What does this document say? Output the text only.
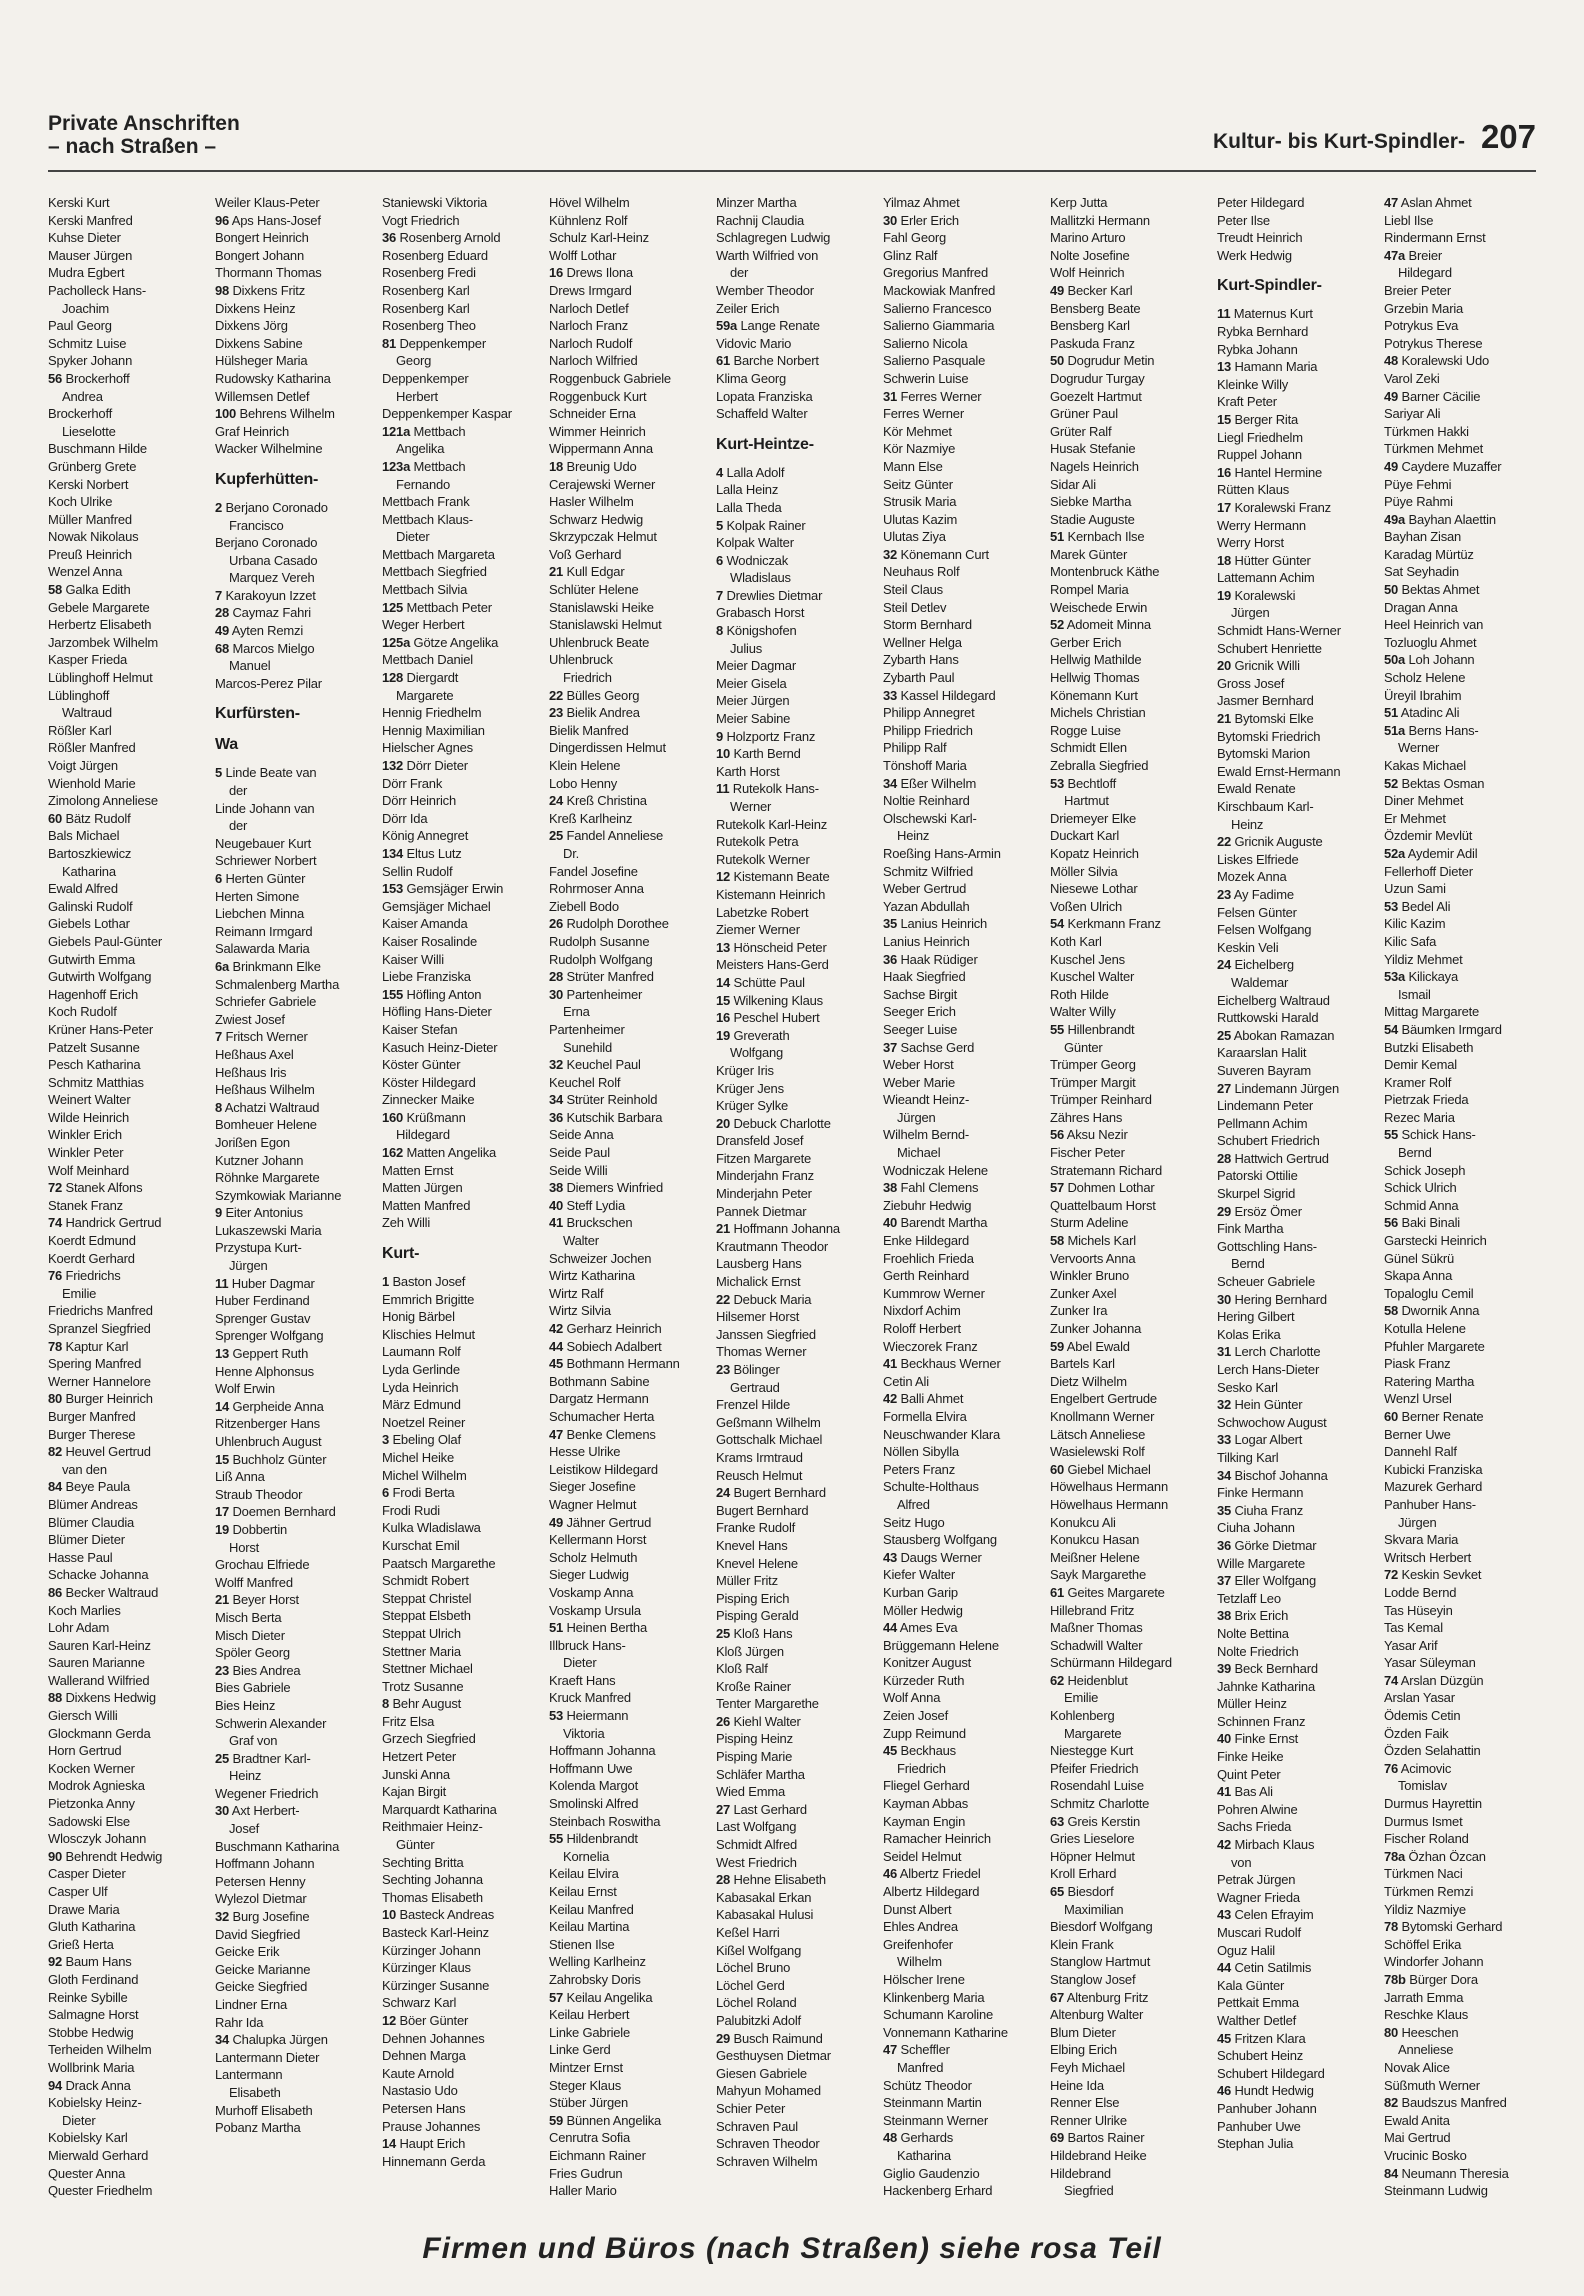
Private Anschriften
– nach Straßen –	Kultur- bis Kurt-Spindler- 207
Kerski Kurt
Kerski Manfred
Kuhse Dieter
Mauser Jürgen
Mudra Egbert
Pacholleck Hans-
Joachim
Paul Georg
Schmitz Luise
Spyker Johann
56 Brockerhoff
Andrea
Brockerhoff
Lieselotte
Buschmann Hilde
Grünberg Grete
Kerski Norbert
Koch Ulrike
Müller Manfred
Nowak Nikolaus
Preuß Heinrich
Wenzel Anna
58 Galka Edith
Gebele Margarete
Herbertz Elisabeth
Jarzombek Wilhelm
Kasper Frieda
Lüblinghoff Helmut
Lüblinghoff
Waltraud
Rößler Karl
Rößler Manfred
Voigt Jürgen
Wienhold Marie
Zimolong Anneliese
60 Bätz Rudolf
Bals Michael
Bartoszkiewicz
Katharina
Ewald Alfred
Galinski Rudolf
Giebels Lothar
Giebels Paul-Günter
Gutwirth Emma
Gutwirth Wolfgang
Hagenhoff Erich
Koch Rudolf
Krüner Hans-Peter
Patzelt Susanne
Pesch Katharina
Schmitz Matthias
Weinert Walter
Wilde Heinrich
Winkler Erich
Winkler Peter
Wolf Meinhard
72 Stanek Alfons
Stanek Franz
74 Handrick Gertrud
Koerdt Edmund
Koerdt Gerhard
76 Friedrichs
Emilie
Friedrichs Manfred
Spranzel Siegfried
78 Kaptur Karl
Spering Manfred
Werner Hannelore
80 Burger Heinrich
Burger Manfred
Burger Therese
82 Heuvel Gertrud
van den
84 Beye Paula
Blümer Andreas
Blümer Claudia
Blümer Dieter
Hasse Paul
Schacke Johanna
86 Becker Waltraud
Koch Marlies
Lohr Adam
Sauren Karl-Heinz
Sauren Marianne
Wallerand Wilfried
88 Dixkens Hedwig
Giersch Willi
Glockmann Gerda
Horn Gertrud
Kocken Werner
Modrok Agnieska
Pietzonka Anny
Sadowski Else
Wlosczyk Johann
90 Behrendt Hedwig
Casper Dieter
Casper Ulf
Drawe Maria
Gluth Katharina
Grieß Herta
92 Baum Hans
Gloth Ferdinand
Reinke Sybille
Salmagne Horst
Stobbe Hedwig
Terheiden Wilhelm
Wollbrink Maria
94 Drack Anna
Kobielsky Heinz-
Dieter
Kobielsky Karl
Mierwald Gerhard
Quester Anna
Quester Friedhelm
Weiler Klaus-Peter
96 Aps Hans-Josef
Bongert Heinrich
Bongert Johann
Thormann Thomas
98 Dixkens Fritz
Dixkens Heinz
Dixkens Jörg
Dixkens Sabine
Hülsheger Maria
Rudowsky Katharina
Willemsen Detlef
100 Behrens Wilhelm
Graf Heinrich
Wacker Wilhelmine
Kupferhütten-
2 Berjano Coronado
Francisco
Berjano Coronado
Urbana Casado
Marquez Vereh
7 Karakoyun Izzet
28 Caymaz Fahri
49 Ayten Remzi
68 Marcos Mielgo
Manuel
Marcos-Perez Pilar
Kurfürsten-
Wa
5 Linde Beate van
der
Linde Johann van
der
Neugebauer Kurt
Schriewer Norbert
6 Herten Günter
Herten Simone
Liebchen Minna
Reimann Irmgard
Salawarda Maria
6a Brinkmann Elke
Schmalenberg Martha
Schriefer Gabriele
Zwiest Josef
7 Fritsch Werner
Heßhaus Axel
Heßhaus Iris
Heßhaus Wilhelm
8 Achatzi Waltraud
Bomheuer Helene
Jorißen Egon
Kutzner Johann
Röhnke Margarete
Szymkowiak Marianne
9 Eiter Antonius
Lukaszewski Maria
Przystupa Kurt-
Jürgen
11 Huber Dagmar
Huber Ferdinand
Sprenger Gustav
Sprenger Wolfgang
13 Geppert Ruth
Henne Alphonsus
Wolf Erwin
14 Gerpheide Anna
Ritzenberger Hans
Uhlenbruch August
15 Buchholz Günter
Liß Anna
Straub Theodor
17 Doemen Bernhard
19 Dobbertin
Horst
Grochau Elfriede
Wolff Manfred
21 Beyer Horst
Misch Berta
Misch Dieter
Spöler Georg
23 Bies Andrea
Bies Gabriele
Bies Heinz
Schwerin Alexander
Graf von
25 Bradtner Karl-
Heinz
Wegener Friedrich
30 Axt Herbert-
Josef
Buschmann Katharina
Hoffmann Johann
Petersen Henny
Wylezol Dietmar
32 Burg Josefine
David Siegfried
Geicke Erik
Geicke Marianne
Geicke Siegfried
Lindner Erna
Rahr Ida
34 Chalupka Jürgen
Lantermann Dieter
Lantermann
Elisabeth
Murhoff Elisabeth
Pobanz Martha
Staniewski Viktoria
Vogt Friedrich
36 Rosenberg Arnold
Rosenberg Eduard
Rosenberg Fredi
Rosenberg Karl
Rosenberg Karl
Rosenberg Theo
81 Deppenkemper
Georg
Deppenkemper
Herbert
Deppenkemper Kaspar
121a Mettbach
Angelika
123a Mettbach
Fernando
Mettbach Frank
Mettbach Klaus-
Dieter
Mettbach Margareta
Mettbach Siegfried
Mettbach Silvia
125 Mettbach Peter
Weger Herbert
125a Götze Angelika
Mettbach Daniel
128 Diergardt
Margarete
Hennig Friedhelm
Hennig Maximilian
Hielscher Agnes
132 Dörr Dieter
Dörr Frank
Dörr Heinrich
Dörr Ida
König Annegret
134 Eltus Lutz
Sellin Rudolf
153 Gemsjäger Erwin
Gemsjäger Michael
Kaiser Amanda
Kaiser Rosalinde
Kaiser Willi
Liebe Franziska
155 Höfling Anton
Höfling Hans-Dieter
Kaiser Stefan
Kasuch Heinz-Dieter
Köster Günter
Köster Hildegard
Zinnecker Maike
160 Krüßmann
Hildegard
162 Matten Angelika
Matten Ernst
Matten Jürgen
Matten Manfred
Zeh Willi
Kurt-
1 Baston Josef
Emmrich Brigitte
Honig Bärbel
Klischies Helmut
Laumann Rolf
Lyda Gerlinde
Lyda Heinrich
März Edmund
Noetzel Reiner
3 Ebeling Olaf
Michel Heike
Michel Wilhelm
6 Frodi Berta
Frodi Rudi
Kulka Wladislawa
Kurschat Emil
Paatsch Margarethe
Schmidt Robert
Steppat Christel
Steppat Elsbeth
Steppat Ulrich
Stettner Maria
Stettner Michael
Trotz Susanne
8 Behr August
Fritz Elsa
Grzech Siegfried
Hetzert Peter
Junski Anna
Kajan Birgit
Marquardt Katharina
Reithmaier Heinz-
Günter
Sechting Britta
Sechting Johanna
Thomas Elisabeth
10 Basteck Andreas
Basteck Karl-Heinz
Kürzinger Johann
Kürzinger Klaus
Kürzinger Susanne
Schwarz Karl
12 Böer Günter
Dehnen Johannes
Dehnen Marga
Kaute Arnold
Nastasio Udo
Petersen Hans
Prause Johannes
14 Haupt Erich
Hinnemann Gerda
Hövel Wilhelm
Kühnlenz Rolf
Schulz Karl-Heinz
Wolff Lothar
16 Drews Ilona
Drews Irmgard
Narloch Detlef
Narloch Franz
Narloch Rudolf
Narloch Wilfried
Roggenbuck Gabriele
Roggenbuck Kurt
Schneider Erna
Wimmer Heinrich
Wippermann Anna
18 Breunig Udo
Cerajewski Werner
Hasler Wilhelm
Schwarz Hedwig
Skrzypczak Helmut
Voß Gerhard
21 Kull Edgar
Schlüter Helene
Stanislawski Heike
Stanislawski Helmut
Uhlenbruck Beate
Uhlenbruck
Friedrich
22 Bülles Georg
23 Bielik Andrea
Bielik Manfred
Dingerdissen Helmut
Klein Helene
Lobo Henny
24 Kreß Christina
Kreß Karlheinz
25 Fandel Anneliese
Dr.
Fandel Josefine
Rohrmoser Anna
Ziebell Bodo
26 Rudolph Dorothee
Rudolph Susanne
Rudolph Wolfgang
28 Strüter Manfred
30 Partenheimer
Erna
Partenheimer
Sunehild
32 Keuchel Paul
Keuchel Rolf
34 Strüter Reinhold
36 Kutschik Barbara
Seide Anna
Seide Paul
Seide Willi
38 Diemers Winfried
40 Steff Lydia
41 Bruckschen
Walter
Schweizer Jochen
Wirtz Katharina
Wirtz Ralf
Wirtz Silvia
42 Gerharz Heinrich
44 Sobiech Adalbert
45 Bothmann Hermann
Bothmann Sabine
Dargatz Hermann
Schumacher Herta
47 Benke Clemens
Hesse Ulrike
Leistikow Hildegard
Sieger Josefine
Wagner Helmut
49 Jähner Gertrud
Kellermann Horst
Scholz Helmuth
Sieger Ludwig
Voskamp Anna
Voskamp Ursula
51 Heinen Bertha
Illbruck Hans-
Dieter
Kraeft Hans
Kruck Manfred
53 Heiermann
Viktoria
Hoffmann Johanna
Hoffmann Uwe
Kolenda Margot
Smolinski Alfred
Steinbach Roswitha
55 Hildenbrandt
Kornelia
Keilau Elvira
Keilau Ernst
Keilau Manfred
Keilau Martina
Stienen Ilse
Welling Karlheinz
Zahrobsky Doris
57 Keilau Angelika
Keilau Herbert
Linke Gabriele
Linke Gerd
Mintzer Ernst
Steger Klaus
Stüber Jürgen
59 Bünnen Angelika
Cenrutra Sofia
Eichmann Rainer
Fries Gudrun
Haller Mario
Minzer Martha
Rachnij Claudia
Schlagregen Ludwig
Warth Wilfried von
der
Wember Theodor
Zeiler Erich
59a Lange Renate
Vidovic Mario
61 Barche Norbert
Klima Georg
Lopata Franziska
Schaffeld Walter
Kurt-Heintze-
4 Lalla Adolf
Lalla Heinz
Lalla Theda
5 Kolpak Rainer
Kolpak Walter
6 Wodniczak
Wladislaus
7 Drewlies Dietmar
Grabasch Horst
8 Königshofen
Julius
Meier Dagmar
Meier Gisela
Meier Jürgen
Meier Sabine
9 Holzportz Franz
10 Karth Bernd
Karth Horst
11 Rutekolk Hans-
Werner
Rutekolk Karl-Heinz
Rutekolk Petra
Rutekolk Werner
12 Kistemann Beate
Kistemann Heinrich
Labetzke Robert
Ziemer Werner
13 Hönscheid Peter
Meisters Hans-Gerd
14 Schütte Paul
15 Wilkening Klaus
16 Peschel Hubert
19 Greverath
Wolfgang
Krüger Iris
Krüger Jens
Krüger Sylke
20 Debuck Charlotte
Dransfeld Josef
Fitzen Margarete
Minderjahn Franz
Minderjahn Peter
Pannek Dietmar
21 Hoffmann Johanna
Krautmann Theodor
Lausberg Hans
Michalick Ernst
22 Debuck Maria
Hilsemer Horst
Janssen Siegfried
Thomas Werner
23 Bölinger
Gertraud
Frenzel Hilde
Geßmann Wilhelm
Gottschalk Michael
Krams Irmtraud
Reusch Helmut
24 Bugert Bernhard
Bugert Bernhard
Franke Rudolf
Knevel Hans
Knevel Helene
Müller Fritz
Pisping Erich
Pisping Gerald
25 Kloß Hans
Kloß Jürgen
Kloß Ralf
Kroße Rainer
Tenter Margarethe
26 Kiehl Walter
Pisping Heinz
Pisping Marie
Schläfer Martha
Wied Emma
27 Last Gerhard
Last Wolfgang
Schmidt Alfred
West Friedrich
28 Hehne Elisabeth
Kabasakal Erkan
Kabasakal Hulusi
Keßel Harri
Kißel Wolfgang
Löchel Bruno
Löchel Gerd
Löchel Roland
Palubitzki Adolf
29 Busch Raimund
Gesthuysen Dietmar
Giesen Gabriele
Mahyun Mohamed
Schier Peter
Schraven Paul
Schraven Theodor
Schraven Wilhelm
Yilmaz Ahmet
30 Erler Erich
Fahl Georg
Glinz Ralf
Gregorius Manfred
Mackowiak Manfred
Salierno Francesco
Salierno Giammaria
Salierno Nicola
Salierno Pasquale
Schwerin Luise
31 Ferres Werner
Ferres Werner
Kör Mehmet
Kör Nazmiye
Mann Else
Seitz Günter
Strusik Maria
Ulutas Kazim
Ulutas Ziya
32 Könemann Curt
Neuhaus Rolf
Steil Claus
Steil Detlev
Storm Bernhard
Wellner Helga
Zybarth Hans
Zybarth Paul
33 Kassel Hildegard
Philipp Annegret
Philipp Friedrich
Philipp Ralf
Tönshoff Maria
34 Eßer Wilhelm
Noltie Reinhard
Olschewski Karl-
Heinz
Roeßing Hans-Armin
Schmitz Wilfried
Weber Gertrud
Yazan Abdullah
35 Lanius Heinrich
Lanius Heinrich
36 Haak Rüdiger
Haak Siegfried
Sachse Birgit
Seeger Erich
Seeger Luise
37 Sachse Gerd
Weber Horst
Weber Marie
Wieandt Heinz-
Jürgen
Wilhelm Bernd-
Michael
Wodniczak Helene
38 Fahl Clemens
Ziebuhr Hedwig
40 Barendt Martha
Enke Hildegard
Froehlich Frieda
Gerth Reinhard
Kummrow Werner
Nixdorf Achim
Roloff Herbert
Wieczorek Franz
41 Beckhaus Werner
Cetin Ali
42 Balli Ahmet
Formella Elvira
Neuschwander Klara
Nöllen Sibylla
Peters Franz
Schulte-Holthaus
Alfred
Seitz Hugo
Stausberg Wolfgang
43 Daugs Werner
Kiefer Walter
Kurban Garip
Möller Hedwig
44 Ames Eva
Brüggemann Helene
Konitzer August
Kürzeder Ruth
Wolf Anna
Zeien Josef
Zupp Reimund
45 Beckhaus
Friedrich
Fliegel Gerhard
Kayman Abbas
Kayman Engin
Ramacher Heinrich
Seidel Helmut
46 Albertz Friedel
Albertz Hildegard
Dunst Albert
Ehles Andrea
Greifenhofer
Wilhelm
Hölscher Irene
Klinkenberg Maria
Schumann Karoline
Vonnemann Katharine
47 Scheffler
Manfred
Schütz Theodor
Steinmann Martin
Steinmann Werner
48 Gerhards
Katharina
Giglio Gaudenzio
Hackenberg Erhard
Kerp Jutta
Mallitzki Hermann
Marino Arturo
Nolte Josefine
Wolf Heinrich
49 Becker Karl
Bensberg Beate
Bensberg Karl
Paskuda Franz
50 Dogrudur Metin
Dogrudur Turgay
Goezelt Hartmut
Grüner Paul
Grüter Ralf
Husak Stefanie
Nagels Heinrich
Sidar Ali
Siebke Martha
Stadie Auguste
51 Kernbach Ilse
Marek Günter
Montenbruck Käthe
Rompel Maria
Weischede Erwin
52 Adomeit Minna
Gerber Erich
Hellwig Mathilde
Hellwig Thomas
Könemann Kurt
Michels Christian
Rogge Luise
Schmidt Ellen
Zebralla Siegfried
53 Bechtloff
Hartmut
Driemeyer Elke
Duckart Karl
Kopatz Heinrich
Möller Silvia
Niesewe Lothar
Voßen Ulrich
54 Kerkmann Franz
Koth Karl
Kuschel Jens
Kuschel Walter
Roth Hilde
Walter Willy
55 Hillenbrandt
Günter
Trümper Georg
Trümper Margit
Trümper Reinhard
Zähres Hans
56 Aksu Nezir
Fischer Peter
Stratemann Richard
57 Dohmen Lothar
Quattelbaum Horst
Sturm Adeline
58 Michels Karl
Vervoorts Anna
Winkler Bruno
Zunker Axel
Zunker Ira
Zunker Johanna
59 Abel Ewald
Bartels Karl
Dietz Wilhelm
Engelbert Gertrude
Knollmann Werner
Lätsch Anneliese
Wasielewski Rolf
60 Giebel Michael
Höwelhaus Hermann
Höwelhaus Hermann
Konukcu Ali
Konukcu Hasan
Meißner Helene
Sayk Margarethe
61 Geites Margarete
Hillebrand Fritz
Maßner Thomas
Schadwill Walter
Schürmann Hildegard
62 Heidenblut
Emilie
Kohlenberg
Margarete
Niestegge Kurt
Pfeifer Friedrich
Rosendahl Luise
Schmitz Charlotte
63 Greis Kerstin
Gries Lieselore
Höpner Helmut
Kroll Erhard
65 Biesdorf
Maximilian
Biesdorf Wolfgang
Klein Frank
Stanglow Hartmut
Stanglow Josef
67 Altenburg Fritz
Altenburg Walter
Blum Dieter
Elbing Erich
Feyh Michael
Heine Ida
Renner Else
Renner Ulrike
69 Bartos Rainer
Hildebrand Heike
Hildebrand
Siegfried
Peter Hildegard
Peter Ilse
Treudt Heinrich
Werk Hedwig
Kurt-Spindler-
11 Maternus Kurt
Rybka Bernhard
Rybka Johann
13 Hamann Maria
Kleinke Willy
Kraft Peter
15 Berger Rita
Liegl Friedhelm
Ruppel Johann
16 Hantel Hermine
Rütten Klaus
17 Koralewski Franz
Werry Hermann
Werry Horst
18 Hütter Günter
Lattemann Achim
19 Koralewski
Jürgen
Schmidt Hans-Werner
Schubert Henriette
20 Gricnik Willi
Gross Josef
Jasmer Bernhard
21 Bytomski Elke
Bytomski Friedrich
Bytomski Marion
Ewald Ernst-Hermann
Ewald Renate
Kirschbaum Karl-
Heinz
22 Gricnik Auguste
Liskes Elfriede
Mozek Anna
23 Ay Fadime
Felsen Günter
Felsen Wolfgang
Keskin Veli
24 Eichelberg
Waldemar
Eichelberg Waltraud
Ruttkowski Harald
25 Abokan Ramazan
Karaarslan Halit
Suveren Bayram
27 Lindemann Jürgen
Lindemann Peter
Pellmann Achim
Schubert Friedrich
28 Hattwich Gertrud
Patorski Ottilie
Skurpel Sigrid
29 Ersöz Ömer
Fink Martha
Gottschling Hans-
Bernd
Scheuer Gabriele
30 Hering Bernhard
Hering Gilbert
Kolas Erika
31 Lerch Charlotte
Lerch Hans-Dieter
Sesko Karl
32 Hein Günter
Schwochow August
33 Logar Albert
Tilking Karl
34 Bischof Johanna
Finke Hermann
35 Ciuha Franz
Ciuha Johann
36 Görke Dietmar
Wille Margarete
37 Eller Wolfgang
Tetzlaff Leo
38 Brix Erich
Nolte Bettina
Nolte Friedrich
39 Beck Bernhard
Jahnke Katharina
Müller Heinz
Schinnen Franz
40 Finke Ernst
Finke Heike
Quint Peter
41 Bas Ali
Pohren Alwine
Sachs Frieda
42 Mirbach Klaus
von
Petrak Jürgen
Wagner Frieda
43 Celen Efrayim
Muscari Rudolf
Oguz Halil
44 Cetin Satilmis
Kala Günter
Pettkait Emma
Walther Detlef
45 Fritzen Klara
Schubert Heinz
Schubert Hildegard
46 Hundt Hedwig
Panhuber Johann
Panhuber Uwe
Stephan Julia
47 Aslan Ahmet
Liebl Ilse
Rindermann Ernst
47a Breier
Hildegard
Breier Peter
Grzebin Maria
Potrykus Eva
Potrykus Therese
48 Koralewski Udo
Varol Zeki
49 Barner Cäcilie
Sariyar Ali
Türkmen Hakki
Türkmen Mehmet
49 Caydere Muzaffer
Püye Fehmi
Püye Rahmi
49a Bayhan Alaettin
Bayhan Zisan
Karadag Mürtüz
Sat Seyhadin
50 Bektas Ahmet
Dragan Anna
Heel Heinrich van
Tozluoglu Ahmet
50a Loh Johann
Scholz Helene
Üreyil Ibrahim
51 Atadinc Ali
51a Berns Hans-
Werner
Kakas Michael
52 Bektas Osman
Diner Mehmet
Er Mehmet
Özdemir Mevlüt
52a Aydemir Adil
Fellerhoff Dieter
Uzun Sami
53 Bedel Ali
Kilic Kazim
Kilic Safa
Yildiz Mehmet
53a Kilickaya
Ismail
Mittag Margarete
54 Bäumken Irmgard
Butzki Elisabeth
Demir Kemal
Kramer Rolf
Pietrzak Frieda
Rezec Maria
55 Schick Hans-
Bernd
Schick Joseph
Schick Ulrich
Schmid Anna
56 Baki Binali
Garstecki Heinrich
Günel Sükrü
Skapa Anna
Topaloglu Cemil
58 Dwornik Anna
Kotulla Helene
Pfuhler Margarete
Piask Franz
Ratering Martha
Wenzl Ursel
60 Berner Renate
Berner Uwe
Dannehl Ralf
Kubicki Franziska
Mazurek Gerhard
Panhuber Hans-
Jürgen
Skvara Maria
Writsch Herbert
72 Keskin Sevket
Lodde Bernd
Tas Hüseyin
Tas Kemal
Yasar Arif
Yasar Süleyman
74 Arslan Düzgün
Arslan Yasar
Ödemis Cetin
Özden Faik
Özden Selahattin
76 Acimovic
Tomislav
Durmus Hayrettin
Durmus Ismet
Fischer Roland
78a Özhan Özcan
Türkmen Naci
Türkmen Remzi
Yildiz Nazmiye
78 Bytomski Gerhard
Schöffel Erika
Windorfer Johann
78b Bürger Dora
Jarrath Emma
Reschke Klaus
80 Heeschen
Anneliese
Novak Alice
Süßmuth Werner
82 Baudszus Manfred
Ewald Anita
Mai Gertrud
Vrucinic Bosko
84 Neumann Theresia
Steinmann Ludwig
Firmen und Büros (nach Straßen) siehe rosa Teil
